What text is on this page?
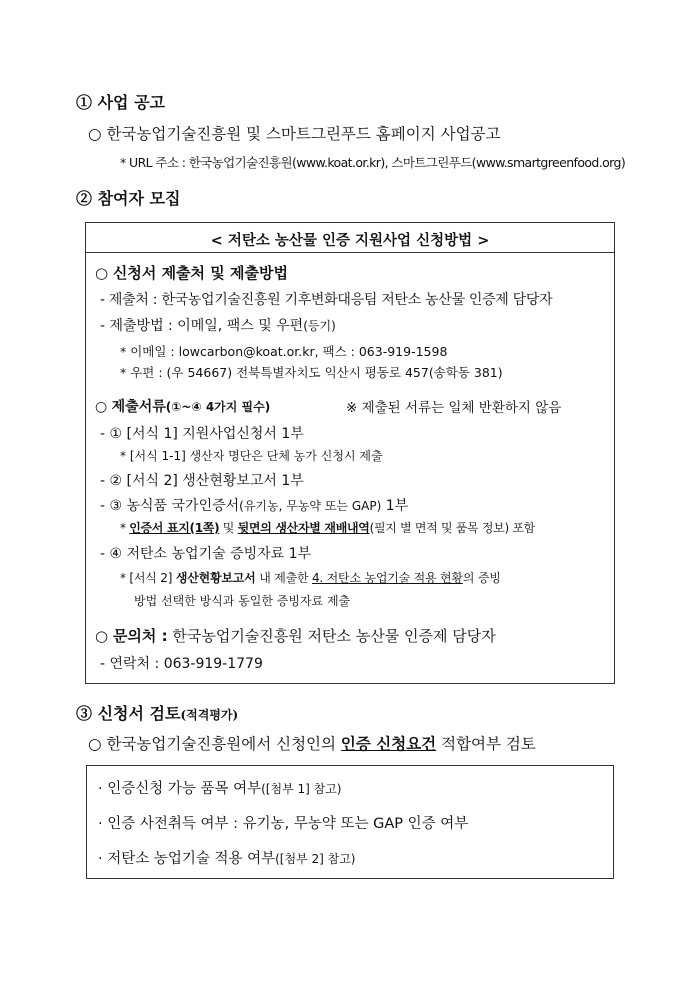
① 사업 공고
○ 한국농업기술진흥원 및 스마트그린푸드 홈페이지 사업공고
* URL 주소 : 한국농업기술진흥원(www.koat.or.kr), 스마트그린푸드(www.smartgreenfood.org)
② 참여자 모집
< 저탄소 농산물 인증 지원사업 신청방법 >
○ 신청서 제출처 및 제출방법
- 제출처 : 한국농업기술진흥원 기후변화대응팀 저탄소 농산물 인증제 담당자
- 제출방법 : 이메일, 팩스 및 우편(등기)
* 이메일 : lowcarbon@koat.or.kr, 팩스 : 063-919-1598
* 우편 : (우 54667) 전북특별자치도 익산시 평동로 457(송학동 381)
○ 제출서류(①~④ 4가지 필수)	※ 제출된 서류는 일체 반환하지 않음
- ① [서식 1] 지원사업신청서 1부
* [서식 1-1] 생산자 명단은 단체 농가 신청시 제출
- ② [서식 2] 생산현황보고서 1부
- ③ 농식품 국가인증서(유기농, 무농약 또는 GAP) 1부
* 인증서 표지(1쪽) 및 뒷면의 생산자별 재배내역(필지 별 면적 및 품목 정보) 포함
- ④ 저탄소 농업기술 증빙자료 1부
* [서식 2] 생산현황보고서 내 제출한 4. 저탄소 농업기술 적용 현황의 증빙
방법 선택한 방식과 동일한 증빙자료 제출
○ 문의처 : 한국농업기술진흥원 저탄소 농산물 인증제 담당자
- 연락처 : 063-919-1779
③ 신청서 검토(적격평가)
○ 한국농업기술진흥원에서 신청인의 인증 신청요건 적합여부 검토
· 인증신청 가능 품목 여부([첨부 1] 참고)
· 인증 사전취득 여부 : 유기농, 무농약 또는 GAP 인증 여부
· 저탄소 농업기술 적용 여부([첨부 2] 참고)
